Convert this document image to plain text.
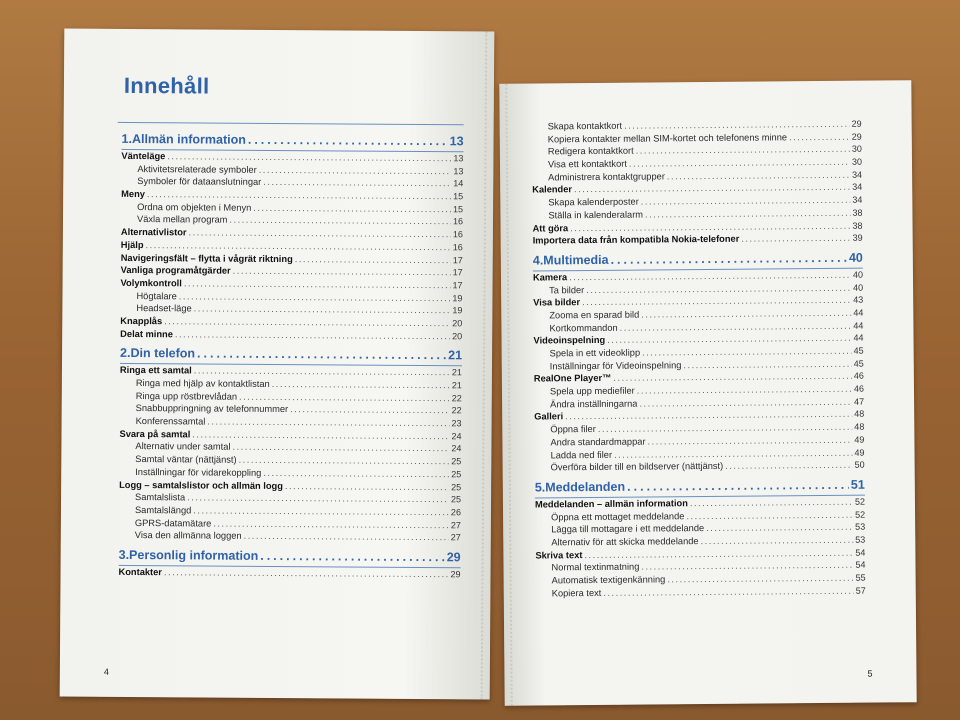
Innehåll
1.Allmän information .....	13
Vänteläge .....	13
Aktivitetsrelaterade symboler .....	13
Symboler för dataanslutningar .....	14
Meny .....	15
Ordna om objekten i Menyn .....	15
Växla mellan program .....	16
Alternativlistor .....	16
Hjälp .....	16
Navigeringsfält – flytta i vågrät riktning .....	17
Vanliga programåtgärder .....	17
Volymkontroll .....	17
Högtalare .....	19
Headset-läge .....	19
Knapplås .....	20
Delat minne .....	20
2.Din telefon .....	21
Ringa ett samtal .....	21
Ringa med hjälp av kontaktlistan .....	21
Ringa upp röstbrevlådan .....	22
Snabbuppringning av telefonnummer .....	22
Konferenssamtal .....	23
Svara på samtal .....	24
Alternativ under samtal .....	24
Samtal väntar (nättjänst) .....	25
Inställningar för vidarekoppling .....	25
Logg – samtalslistor och allmän logg .....	25
Samtalslista .....	25
Samtalslängd .....	26
GPRS-datamätare .....	27
Visa den allmänna loggen .....	27
3.Personlig information .....	29
Kontakter .....	29
4
Skapa kontaktkort .....	29
Kopiera kontakter mellan SIM-kortet och telefonens minne .....	29
Redigera kontaktkort .....	30
Visa ett kontaktkort .....	30
Administrera kontaktgrupper .....	34
Kalender .....	34
Skapa kalenderposter .....	34
Ställa in kalenderalarm .....	38
Att göra .....	38
Importera data från kompatibla Nokia-telefoner .....	39
4.Multimedia .....	40
Kamera .....	40
Ta bilder .....	40
Visa bilder .....	43
Zooma en sparad bild .....	44
Kortkommandon .....	44
Videoinspelning .....	44
Spela in ett videoklipp .....	45
Inställningar för Videoinspelning .....	45
RealOne Player™ .....	46
Spela upp mediefiler .....	46
Ändra inställningarna .....	47
Galleri .....	48
Öppna filer .....	48
Andra standardmappar .....	49
Ladda ned filer .....	49
Överföra bilder till en bildserver (nättjänst) .....	50
5.Meddelanden .....	51
Meddelanden – allmän information .....	52
Öppna ett mottaget meddelande .....	52
Lägga till mottagare i ett meddelande .....	53
Alternativ för att skicka meddelande .....	53
Skriva text .....	54
Normal textinmatning .....	54
Automatisk textigenkänning .....	55
Kopiera text .....	57
5
